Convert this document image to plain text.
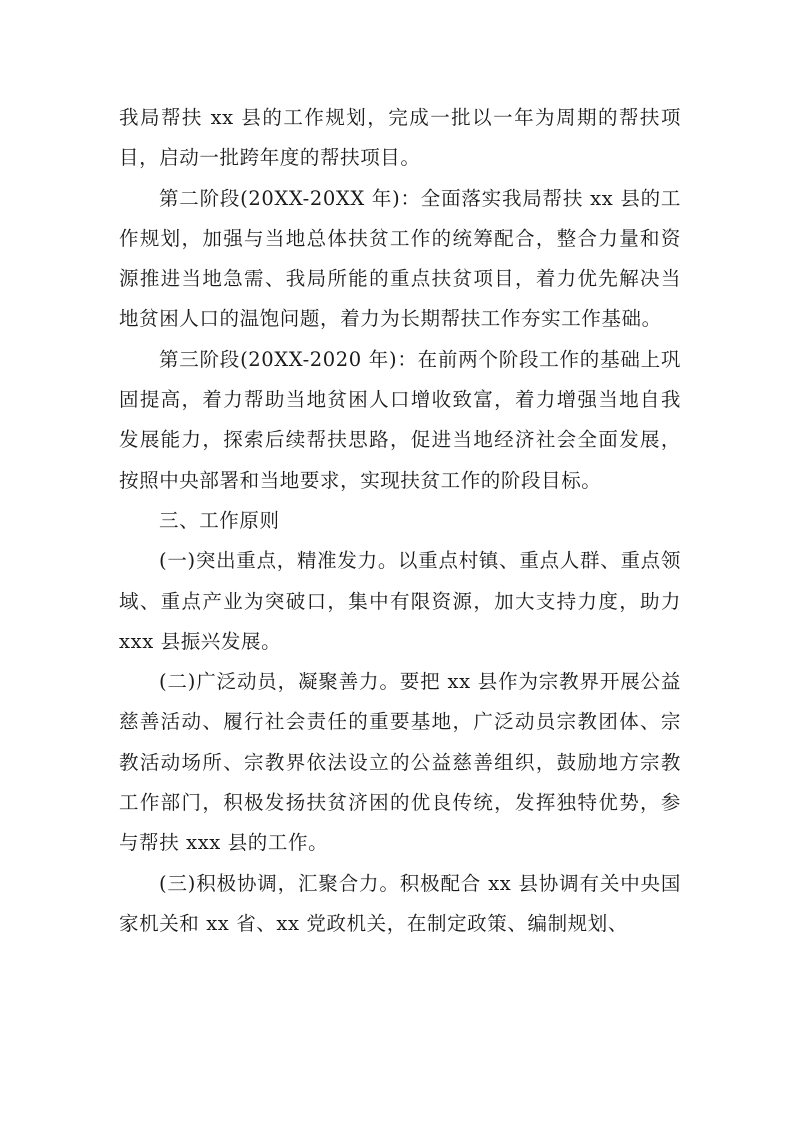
我局帮扶 xx 县的工作规划，完成一批以一年为周期的帮扶项目，启动一批跨年度的帮扶项目。

第二阶段(20XX-20XX 年)：全面落实我局帮扶 xx 县的工作规划，加强与当地总体扶贫工作的统筹配合，整合力量和资源推进当地急需、我局所能的重点扶贫项目，着力优先解决当地贫困人口的温饱问题，着力为长期帮扶工作夯实工作基础。

第三阶段(20XX-2020 年)：在前两个阶段工作的基础上巩固提高，着力帮助当地贫困人口增收致富，着力增强当地自我发展能力，探索后续帮扶思路，促进当地经济社会全面发展，按照中央部署和当地要求，实现扶贫工作的阶段目标。

三、工作原则

(一)突出重点，精准发力。以重点村镇、重点人群、重点领域、重点产业为突破口，集中有限资源，加大支持力度，助力 xxx 县振兴发展。

(二)广泛动员，凝聚善力。要把 xx 县作为宗教界开展公益慈善活动、履行社会责任的重要基地，广泛动员宗教团体、宗教活动场所、宗教界依法设立的公益慈善组织，鼓励地方宗教工作部门，积极发扬扶贫济困的优良传统，发挥独特优势，参与帮扶 xxx 县的工作。

(三)积极协调，汇聚合力。积极配合 xx 县协调有关中央国家机关和 xx 省、xx 党政机关，在制定政策、编制规划、
